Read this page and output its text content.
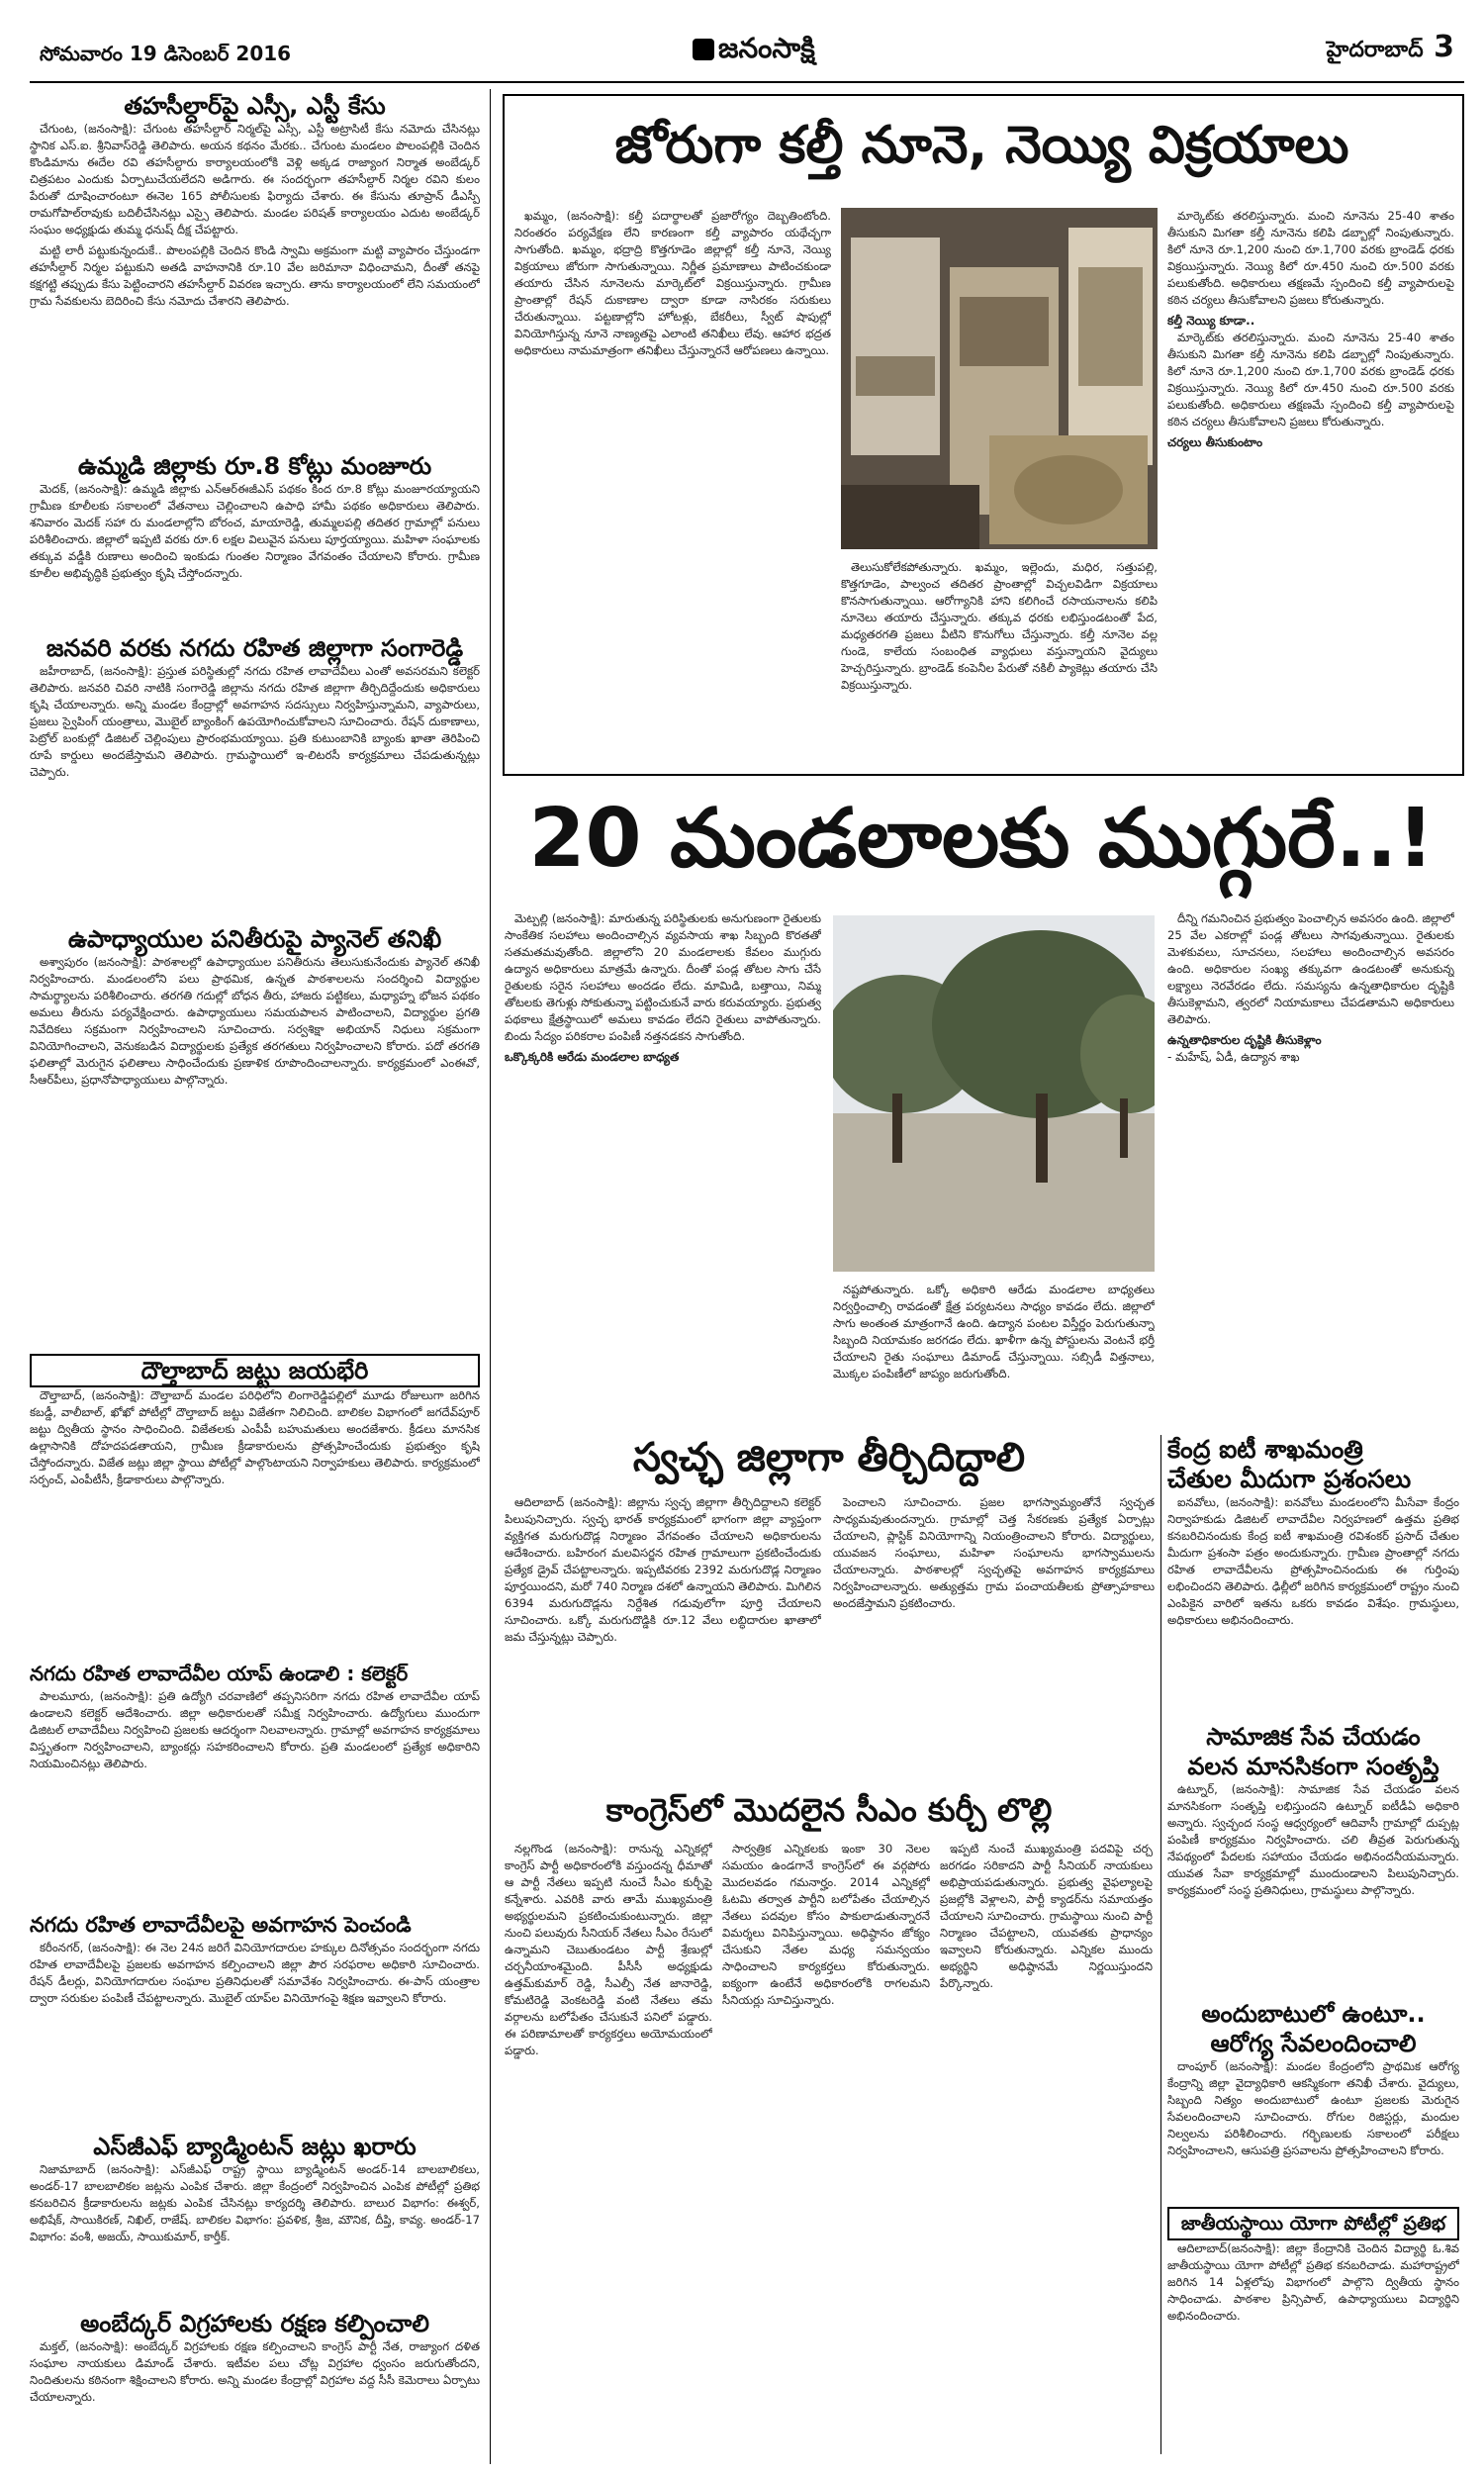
సోమవారం 19 డిసెంబర్ 2016	జనంసాక్షి	హైదరాబాద్ 3
తహసీల్దార్‌పై ఎస్సీ, ఎస్టీ కేసు

చేగుంట, (జనంసాక్షి): చేగుంట తహసీల్దార్ నిర్మల్‌పై ఎస్సీ, ఎస్టీ అట్రాసిటీ కేసు నమోదు చేసినట్లు స్థానిక ఎస్.ఐ. శ్రీనివాస్‌రెడ్డి తెలిపారు. అయన కథనం మేరకు.. చేగుంట మండలం పొలంపల్లికి చెందిన కొండిమాను ఈదేల రవి తహసీల్దారు కార్యాలయంలోకి వెళ్లి అక్కడ రాజ్యాంగ నిర్మాత అంబేడ్కర్ చిత్రపటం ఎందుకు ఏర్పాటుచేయలేదని అడిగారు. ఈ సందర్భంగా తహసీల్దార్ నిర్మల రవిని కులం పేరుతో దూషించారంటూ ఈనెల 165 పోలీసులకు ఫిర్యాదు చేశారు. ఈ కేసును తూప్రాన్ డీఎస్పీ రామగోపాల్‌రావుకు బదిలీచేసినట్లు ఎస్సై తెలిపారు. మండల పరిషత్ కార్యాలయం ఎదుట అంబేడ్కర్ సంఘం అధ్యక్షుడు తుమ్మ ధనుష్ దీక్ష చేపట్టారు.

మట్టి లారీ పట్టుకున్నందుకే.. పొలంపల్లికి చెందిన కొండి స్వామి అక్రమంగా మట్టి వ్యాపారం చేస్తుండగా తహసీల్దార్ నిర్మల పట్టుకుని అతడి వాహనానికి రూ.10 వేల జరిమానా విధించామని, దీంతో తనపై కక్షగట్టి తప్పుడు కేసు పెట్టించారని తహసీల్దార్ వివరణ ఇచ్చారు. తాను కార్యాలయంలో లేని సమయంలో గ్రామ సేవకులను బెదిరించి కేసు నమోదు చేశారని తెలిపారు.

ఉమ్మడి జిల్లాకు రూ.8 కోట్లు మంజూరు

మెదక్, (జనంసాక్షి): ఉమ్మడి జిల్లాకు ఎన్‌ఆర్‌ఈజీఎస్ పథకం కింద రూ.8 కోట్లు మంజూరయ్యాయని గ్రామీణ కూలీలకు సకాలంలో వేతనాలు చెల్లించాలని ఉపాధి హామీ పథకం అధికారులు తెలిపారు. శనివారం మెదక్ సహా రు మండలాల్లోని బోరంచ, మాయారెడ్డి, తుమ్మలపల్లి తదితర గ్రామాల్లో పనులు పరిశీలించారు. జిల్లాలో ఇప్పటి వరకు రూ.6 లక్షల విలువైన పనులు పూర్తయ్యాయి. మహిళా సంఘాలకు తక్కువ వడ్డీకి రుణాలు అందించి ఇంకుడు గుంతల నిర్మాణం వేగవంతం చేయాలని కోరారు. గ్రామీణ కూలీల అభివృద్ధికి ప్రభుత్వం కృషి చేస్తోందన్నారు.

జనవరి వరకు నగదు రహిత జిల్లాగా సంగారెడ్డి

జహీరాబాద్, (జనంసాక్షి): ప్రస్తుత పరిస్థితుల్లో నగదు రహిత లావాదేవీలు ఎంతో అవసరమని కలెక్టర్ తెలిపారు. జనవరి చివరి నాటికి సంగారెడ్డి జిల్లాను నగదు రహిత జిల్లాగా తీర్చిదిద్దేందుకు అధికారులు కృషి చేయాలన్నారు. అన్ని మండల కేంద్రాల్లో అవగాహన సదస్సులు నిర్వహిస్తున్నామని, వ్యాపారులు, ప్రజలు స్వైపింగ్ యంత్రాలు, మొబైల్ బ్యాంకింగ్ ఉపయోగించుకోవాలని సూచించారు. రేషన్ దుకాణాలు, పెట్రోల్ బంకుల్లో డిజిటల్ చెల్లింపులు ప్రారంభమయ్యాయి. ప్రతి కుటుంబానికి బ్యాంకు ఖాతా తెరిపించి రూపే కార్డులు అందజేస్తామని తెలిపారు. గ్రామస్థాయిలో ఇ-లిటరసీ కార్యక్రమాలు చేపడుతున్నట్లు చెప్పారు.

ఉపాధ్యాయుల పనితీరుపై ప్యానెల్ తనిఖీ

అశ్వాపురం (జనంసాక్షి): పాఠశాలల్లో ఉపాధ్యాయుల పనితీరును తెలుసుకునేందుకు ప్యానెల్ తనిఖీ నిర్వహించారు. మండలంలోని పలు ప్రాథమిక, ఉన్నత పాఠశాలలను సందర్శించి విద్యార్థుల సామర్థ్యాలను పరిశీలించారు. తరగతి గదుల్లో బోధన తీరు, హాజరు పట్టికలు, మధ్యాహ్న భోజన పథకం అమలు తీరును పర్యవేక్షించారు. ఉపాధ్యాయులు సమయపాలన పాటించాలని, విద్యార్థుల ప్రగతి నివేదికలు సక్రమంగా నిర్వహించాలని సూచించారు. సర్వశిక్షా అభియాన్ నిధులు సక్రమంగా వినియోగించాలని, వెనుకబడిన విద్యార్థులకు ప్రత్యేక తరగతులు నిర్వహించాలని కోరారు. పదో తరగతి ఫలితాల్లో మెరుగైన ఫలితాలు సాధించేందుకు ప్రణాళిక రూపొందించాలన్నారు. కార్యక్రమంలో ఎంఈవో, సీఆర్‌పీలు, ప్రధానోపాధ్యాయులు పాల్గొన్నారు.

దౌల్తాబాద్ జట్టు జయభేరి

దౌల్తాబాద్, (జనంసాక్షి): దౌల్తాబాద్ మండల పరిధిలోని లింగారెడ్డిపల్లిలో మూడు రోజులుగా జరిగిన కబడ్డీ, వాలీబాల్, ఖోఖో పోటీల్లో దౌల్తాబాద్ జట్టు విజేతగా నిలిచింది. బాలికల విభాగంలో జగదేవ్‌పూర్ జట్టు ద్వితీయ స్థానం సాధించింది. విజేతలకు ఎంపీపీ బహుమతులు అందజేశారు. క్రీడలు మానసిక ఉల్లాసానికి దోహదపడతాయని, గ్రామీణ క్రీడాకారులను ప్రోత్సహించేందుకు ప్రభుత్వం కృషి చేస్తోందన్నారు. విజేత జట్లు జిల్లా స్థాయి పోటీల్లో పాల్గొంటాయని నిర్వాహకులు తెలిపారు. కార్యక్రమంలో సర్పంచ్, ఎంపీటీసీ, క్రీడాకారులు పాల్గొన్నారు.

నగదు రహిత లావాదేవీల యాప్ ఉండాలి : కలెక్టర్

పాలమూరు, (జనంసాక్షి): ప్రతి ఉద్యోగి చరవాణిలో తప్పనిసరిగా నగదు రహిత లావాదేవీల యాప్ ఉండాలని కలెక్టర్ ఆదేశించారు. జిల్లా అధికారులతో సమీక్ష నిర్వహించారు. ఉద్యోగులు ముందుగా డిజిటల్ లావాదేవీలు నిర్వహించి ప్రజలకు ఆదర్శంగా నిలవాలన్నారు. గ్రామాల్లో అవగాహన కార్యక్రమాలు విస్తృతంగా నిర్వహించాలని, బ్యాంకర్లు సహకరించాలని కోరారు. ప్రతి మండలంలో ప్రత్యేక అధికారిని నియమించినట్లు తెలిపారు.

నగదు రహిత లావాదేవీలపై అవగాహన పెంచండి

కరీంనగర్, (జనంసాక్షి): ఈ నెల 24న జరిగే వినియోగదారుల హక్కుల దినోత్సవం సందర్భంగా నగదు రహిత లావాదేవీలపై ప్రజలకు అవగాహన కల్పించాలని జిల్లా పౌర సరఫరాల అధికారి సూచించారు. రేషన్ డీలర్లు, వినియోగదారుల సంఘాల ప్రతినిధులతో సమావేశం నిర్వహించారు. ఈ-పాస్ యంత్రాల ద్వారా సరుకుల పంపిణీ చేపట్టాలన్నారు. మొబైల్ యాప్‌ల వినియోగంపై శిక్షణ ఇవ్వాలని కోరారు.

ఎస్‌జీఎఫ్ బ్యాడ్మింటన్ జట్లు ఖరారు

నిజామాబాద్ (జనంసాక్షి): ఎస్‌జీఎఫ్ రాష్ట్ర స్థాయి బ్యాడ్మింటన్ అండర్-14 బాలబాలికలు, అండర్-17 బాలబాలికల జట్లను ఎంపిక చేశారు. జిల్లా కేంద్రంలో నిర్వహించిన ఎంపిక పోటీల్లో ప్రతిభ కనబరిచిన క్రీడాకారులను జట్లకు ఎంపిక చేసినట్లు కార్యదర్శి తెలిపారు. బాలుర విభాగం: ఈశ్వర్, అభిషేక్, సాయికిరణ్, నిఖిల్, రాజేష్. బాలికల విభాగం: ప్రవళిక, శ్రీజ, మౌనిక, దీప్తి, కావ్య. అండర్-17 విభాగం: వంశీ, అజయ్, సాయికుమార్, కార్తీక్.

అంబేద్కర్ విగ్రహాలకు రక్షణ కల్పించాలి

మక్తల్, (జనంసాక్షి): అంబేద్కర్ విగ్రహాలకు రక్షణ కల్పించాలని కాంగ్రెస్ పార్టీ నేత, రాజ్యాంగ దళిత సంఘాల నాయకులు డిమాండ్ చేశారు. ఇటీవల పలు చోట్ల విగ్రహాల ధ్వంసం జరుగుతోందని, నిందితులను కఠినంగా శిక్షించాలని కోరారు. అన్ని మండల కేంద్రాల్లో విగ్రహాల వద్ద సీసీ కెమెరాలు ఏర్పాటు చేయాలన్నారు.

జోరుగా కల్తీ నూనె, నెయ్యి విక్రయాలు

ఖమ్మం, (జనంసాక్షి): కల్తీ పదార్థాలతో ప్రజారోగ్యం దెబ్బతింటోంది. నిరంతరం పర్యవేక్షణ లేని కారణంగా కల్తీ వ్యాపారం యథేచ్ఛగా సాగుతోంది. ఖమ్మం, భద్రాద్రి కొత్తగూడెం జిల్లాల్లో కల్తీ నూనె, నెయ్యి విక్రయాలు జోరుగా సాగుతున్నాయి. నిర్ణీత ప్రమాణాలు పాటించకుండా తయారు చేసిన నూనెలను మార్కెట్‌లో విక్రయిస్తున్నారు. గ్రామీణ ప్రాంతాల్లో రేషన్ దుకాణాల ద్వారా కూడా నాసిరకం సరుకులు చేరుతున్నాయి. పట్టణాల్లోని హోటళ్లు, బేకరీలు, స్వీట్ షాపుల్లో వినియోగిస్తున్న నూనె నాణ్యతపై ఎలాంటి తనిఖీలు లేవు. ఆహార భద్రత అధికారులు నామమాత్రంగా తనిఖీలు చేస్తున్నారనే ఆరోపణలు ఉన్నాయి.

తెలుసుకోలేకపోతున్నారు. ఖమ్మం, ఇల్లెందు, మధిర, సత్తుపల్లి, కొత్తగూడెం, పాల్వంచ తదితర ప్రాంతాల్లో విచ్చలవిడిగా విక్రయాలు కొనసాగుతున్నాయి. ఆరోగ్యానికి హాని కలిగించే రసాయనాలను కలిపి నూనెలు తయారు చేస్తున్నారు. తక్కువ ధరకు లభిస్తుండటంతో పేద, మధ్యతరగతి ప్రజలు వీటిని కొనుగోలు చేస్తున్నారు. కల్తీ నూనెల వల్ల గుండె, కాలేయ సంబంధిత వ్యాధులు వస్తున్నాయని వైద్యులు హెచ్చరిస్తున్నారు. బ్రాండెడ్ కంపెనీల పేరుతో నకిలీ ప్యాకెట్లు తయారు చేసి విక్రయిస్తున్నారు.

మార్కెట్‌కు తరలిస్తున్నారు. మంచి నూనెను 25-40 శాతం తీసుకుని మిగతా కల్తీ నూనెను కలిపి డబ్బాల్లో నింపుతున్నారు. కిలో నూనె రూ.1,200 నుంచి రూ.1,700 వరకు బ్రాండెడ్ ధరకు విక్రయిస్తున్నారు. నెయ్యి కిలో రూ.450 నుంచి రూ.500 వరకు పలుకుతోంది. అధికారులు తక్షణమే స్పందించి కల్తీ వ్యాపారులపై కఠిన చర్యలు తీసుకోవాలని ప్రజలు కోరుతున్నారు.

కల్తీ నెయ్యి కూడా..

మార్కెట్‌కు తరలిస్తున్నారు. మంచి నూనెను 25-40 శాతం తీసుకుని మిగతా కల్తీ నూనెను కలిపి డబ్బాల్లో నింపుతున్నారు. కిలో నూనె రూ.1,200 నుంచి రూ.1,700 వరకు బ్రాండెడ్ ధరకు విక్రయిస్తున్నారు. నెయ్యి కిలో రూ.450 నుంచి రూ.500 వరకు పలుకుతోంది. అధికారులు తక్షణమే స్పందించి కల్తీ వ్యాపారులపై కఠిన చర్యలు తీసుకోవాలని ప్రజలు కోరుతున్నారు.

చర్యలు తీసుకుంటాం
20 మండలాలకు ముగ్గురే..!

మెట్పల్లి (జనంసాక్షి): మారుతున్న పరిస్థితులకు అనుగుణంగా రైతులకు సాంకేతిక సలహాలు అందించాల్సిన వ్యవసాయ శాఖ సిబ్బంది కొరతతో సతమతమవుతోంది. జిల్లాలోని 20 మండలాలకు కేవలం ముగ్గురు ఉద్యాన అధికారులు మాత్రమే ఉన్నారు. దీంతో పండ్ల తోటల సాగు చేసే రైతులకు సరైన సలహాలు అందడం లేదు. మామిడి, బత్తాయి, నిమ్మ తోటలకు తెగుళ్లు సోకుతున్నా పట్టించుకునే వారు కరువయ్యారు. ప్రభుత్వ పథకాలు క్షేత్రస్థాయిలో అమలు కావడం లేదని రైతులు వాపోతున్నారు. బిందు సేద్యం పరికరాల పంపిణీ నత్తనడకన సాగుతోంది.

ఒక్కొక్కరికి ఆరేడు మండలాల బాధ్యత

నష్టపోతున్నారు. ఒక్కో అధికారి ఆరేడు మండలాల బాధ్యతలు నిర్వర్తించాల్సి రావడంతో క్షేత్ర పర్యటనలు సాధ్యం కావడం లేదు. జిల్లాలో సాగు అంతంత మాత్రంగానే ఉంది. ఉద్యాన పంటల విస్తీర్ణం పెరుగుతున్నా సిబ్బంది నియామకం జరగడం లేదు. ఖాళీగా ఉన్న పోస్టులను వెంటనే భర్తీ చేయాలని రైతు సంఘాలు డిమాండ్ చేస్తున్నాయి. సబ్సిడీ విత్తనాలు, మొక్కల పంపిణీలో జాప్యం జరుగుతోంది.

దీన్ని గమనించిన ప్రభుత్వం పెంచాల్సిన అవసరం ఉంది. జిల్లాలో 25 వేల ఎకరాల్లో పండ్ల తోటలు సాగవుతున్నాయి. రైతులకు మెళకువలు, సూచనలు, సలహాలు అందించాల్సిన అవసరం ఉంది. అధికారుల సంఖ్య తక్కువగా ఉండటంతో అనుకున్న లక్ష్యాలు నెరవేరడం లేదు. సమస్యను ఉన్నతాధికారుల దృష్టికి తీసుకెళ్లామని, త్వరలో నియామకాలు చేపడతామని అధికారులు తెలిపారు.

ఉన్నతాధికారుల దృష్టికి తీసుకెళ్లాం
- మహేష్, ఏడీ, ఉద్యాన శాఖ
స్వచ్ఛ జిల్లాగా తీర్చిదిద్దాలి

ఆదిలాబాద్ (జనంసాక్షి): జిల్లాను స్వచ్ఛ జిల్లాగా తీర్చిదిద్దాలని కలెక్టర్ పిలుపునిచ్చారు. స్వచ్ఛ భారత్ కార్యక్రమంలో భాగంగా జిల్లా వ్యాప్తంగా వ్యక్తిగత మరుగుదొడ్ల నిర్మాణం వేగవంతం చేయాలని అధికారులను ఆదేశించారు. బహిరంగ మలవిసర్జన రహిత గ్రామాలుగా ప్రకటించేందుకు ప్రత్యేక డ్రైవ్ చేపట్టాలన్నారు. ఇప్పటివరకు 2392 మరుగుదొడ్ల నిర్మాణం పూర్తయిందని, మరో 740 నిర్మాణ దశలో ఉన్నాయని తెలిపారు. మిగిలిన 6394 మరుగుదొడ్లను నిర్దేశిత గడువులోగా పూర్తి చేయాలని సూచించారు. ఒక్కో మరుగుదొడ్డికి రూ.12 వేలు లబ్ధిదారుల ఖాతాలో జమ చేస్తున్నట్లు చెప్పారు.

పెంచాలని సూచించారు. ప్రజల భాగస్వామ్యంతోనే స్వచ్ఛత సాధ్యమవుతుందన్నారు. గ్రామాల్లో చెత్త సేకరణకు ప్రత్యేక ఏర్పాట్లు చేయాలని, ప్లాస్టిక్ వినియోగాన్ని నియంత్రించాలని కోరారు. విద్యార్థులు, యువజన సంఘాలు, మహిళా సంఘాలను భాగస్వాములను చేయాలన్నారు. పాఠశాలల్లో స్వచ్ఛతపై అవగాహన కార్యక్రమాలు నిర్వహించాలన్నారు. అత్యుత్తమ గ్రామ పంచాయతీలకు ప్రోత్సాహకాలు అందజేస్తామని ప్రకటించారు.

కాంగ్రెస్‌లో మొదలైన సీఎం కుర్చీ లొల్లి

నల్లగొండ (జనంసాక్షి): రానున్న ఎన్నికల్లో కాంగ్రెస్ పార్టీ అధికారంలోకి వస్తుందన్న ధీమాతో ఆ పార్టీ నేతలు ఇప్పటి నుంచే సీఎం కుర్చీపై కన్నేశారు. ఎవరికి వారు తామే ముఖ్యమంత్రి అభ్యర్థులమని ప్రకటించుకుంటున్నారు. జిల్లా నుంచి పలువురు సీనియర్ నేతలు సీఎం రేసులో ఉన్నామని చెబుతుండటం పార్టీ శ్రేణుల్లో చర్చనీయాంశమైంది. పీసీసీ అధ్యక్షుడు ఉత్తమ్‌కుమార్ రెడ్డి, సీఎల్పీ నేత జానారెడ్డి, కోమటిరెడ్డి వెంకటరెడ్డి వంటి నేతలు తమ వర్గాలను బలోపేతం చేసుకునే పనిలో పడ్డారు. ఈ పరిణామాలతో కార్యకర్తలు అయోమయంలో పడ్డారు.

సార్వత్రిక ఎన్నికలకు ఇంకా 30 నెలల సమయం ఉండగానే కాంగ్రెస్‌లో ఈ వర్గపోరు మొదలవడం గమనార్హం. 2014 ఎన్నికల్లో ఓటమి తర్వాత పార్టీని బలోపేతం చేయాల్సిన నేతలు పదవుల కోసం పాకులాడుతున్నారనే విమర్శలు వినిపిస్తున్నాయి. అధిష్ఠానం జోక్యం చేసుకుని నేతల మధ్య సమన్వయం సాధించాలని కార్యకర్తలు కోరుతున్నారు. ఐక్యంగా ఉంటేనే అధికారంలోకి రాగలమని సీనియర్లు సూచిస్తున్నారు.

ఇప్పటి నుంచే ముఖ్యమంత్రి పదవిపై చర్చ జరగడం సరికాదని పార్టీ సీనియర్ నాయకులు అభిప్రాయపడుతున్నారు. ప్రభుత్వ వైఫల్యాలపై ప్రజల్లోకి వెళ్లాలని, పార్టీ క్యాడర్‌ను సమాయత్తం చేయాలని సూచించారు. గ్రామస్థాయి నుంచి పార్టీ నిర్మాణం చేపట్టాలని, యువతకు ప్రాధాన్యం ఇవ్వాలని కోరుతున్నారు. ఎన్నికల ముందు అభ్యర్థిని అధిష్ఠానమే నిర్ణయిస్తుందని పేర్కొన్నారు.

కేంద్ర ఐటీ శాఖమంత్రి
చేతుల మీదుగా ప్రశంసలు

ఐనవోలు, (జనంసాక్షి): ఐనవోలు మండలంలోని మీసేవా కేంద్రం నిర్వాహకుడు డిజిటల్ లావాదేవీల నిర్వహణలో ఉత్తమ ప్రతిభ కనబరిచినందుకు కేంద్ర ఐటీ శాఖమంత్రి రవిశంకర్ ప్రసాద్ చేతుల మీదుగా ప్రశంసా పత్రం అందుకున్నారు. గ్రామీణ ప్రాంతాల్లో నగదు రహిత లావాదేవీలను ప్రోత్సహించినందుకు ఈ గుర్తింపు లభించిందని తెలిపారు. ఢిల్లీలో జరిగిన కార్యక్రమంలో రాష్ట్రం నుంచి ఎంపికైన వారిలో ఇతను ఒకరు కావడం విశేషం. గ్రామస్థులు, అధికారులు అభినందించారు.

సామాజిక సేవ చేయడం
వలన మానసికంగా సంతృప్తి

ఉట్నూర్, (జనంసాక్షి): సామాజిక సేవ చేయడం వలన మానసికంగా సంతృప్తి లభిస్తుందని ఉట్నూర్ ఐటీడీఏ అధికారి అన్నారు. స్వచ్ఛంద సంస్థ ఆధ్వర్యంలో ఆదివాసీ గ్రామాల్లో దుప్పట్ల పంపిణీ కార్యక్రమం నిర్వహించారు. చలి తీవ్రత పెరుగుతున్న నేపథ్యంలో పేదలకు సహాయం చేయడం అభినందనీయమన్నారు. యువత సేవా కార్యక్రమాల్లో ముందుండాలని పిలుపునిచ్చారు. కార్యక్రమంలో సంస్థ ప్రతినిధులు, గ్రామస్థులు పాల్గొన్నారు.

అందుబాటులో ఉంటూ..
ఆరోగ్య సేవలందించాలి

దాంపూర్ (జనంసాక్షి): మండల కేంద్రంలోని ప్రాథమిక ఆరోగ్య కేంద్రాన్ని జిల్లా వైద్యాధికారి ఆకస్మికంగా తనిఖీ చేశారు. వైద్యులు, సిబ్బంది నిత్యం అందుబాటులో ఉంటూ ప్రజలకు మెరుగైన సేవలందించాలని సూచించారు. రోగుల రిజిస్టర్లు, మందుల నిల్వలను పరిశీలించారు. గర్భిణులకు సకాలంలో పరీక్షలు నిర్వహించాలని, ఆసుపత్రి ప్రసవాలను ప్రోత్సహించాలని కోరారు.

జాతీయస్థాయి యోగా పోటీల్లో ప్రతిభ

ఆదిలాబాద్(జనంసాక్షి): జిల్లా కేంద్రానికి చెందిన విద్యార్థి ఓ.శివ జాతీయస్థాయి యోగా పోటీల్లో ప్రతిభ కనబరిచాడు. మహారాష్ట్రలో జరిగిన 14 ఏళ్లలోపు విభాగంలో పాల్గొని ద్వితీయ స్థానం సాధించాడు. పాఠశాల ప్రిన్సిపాల్, ఉపాధ్యాయులు విద్యార్థిని అభినందించారు.
